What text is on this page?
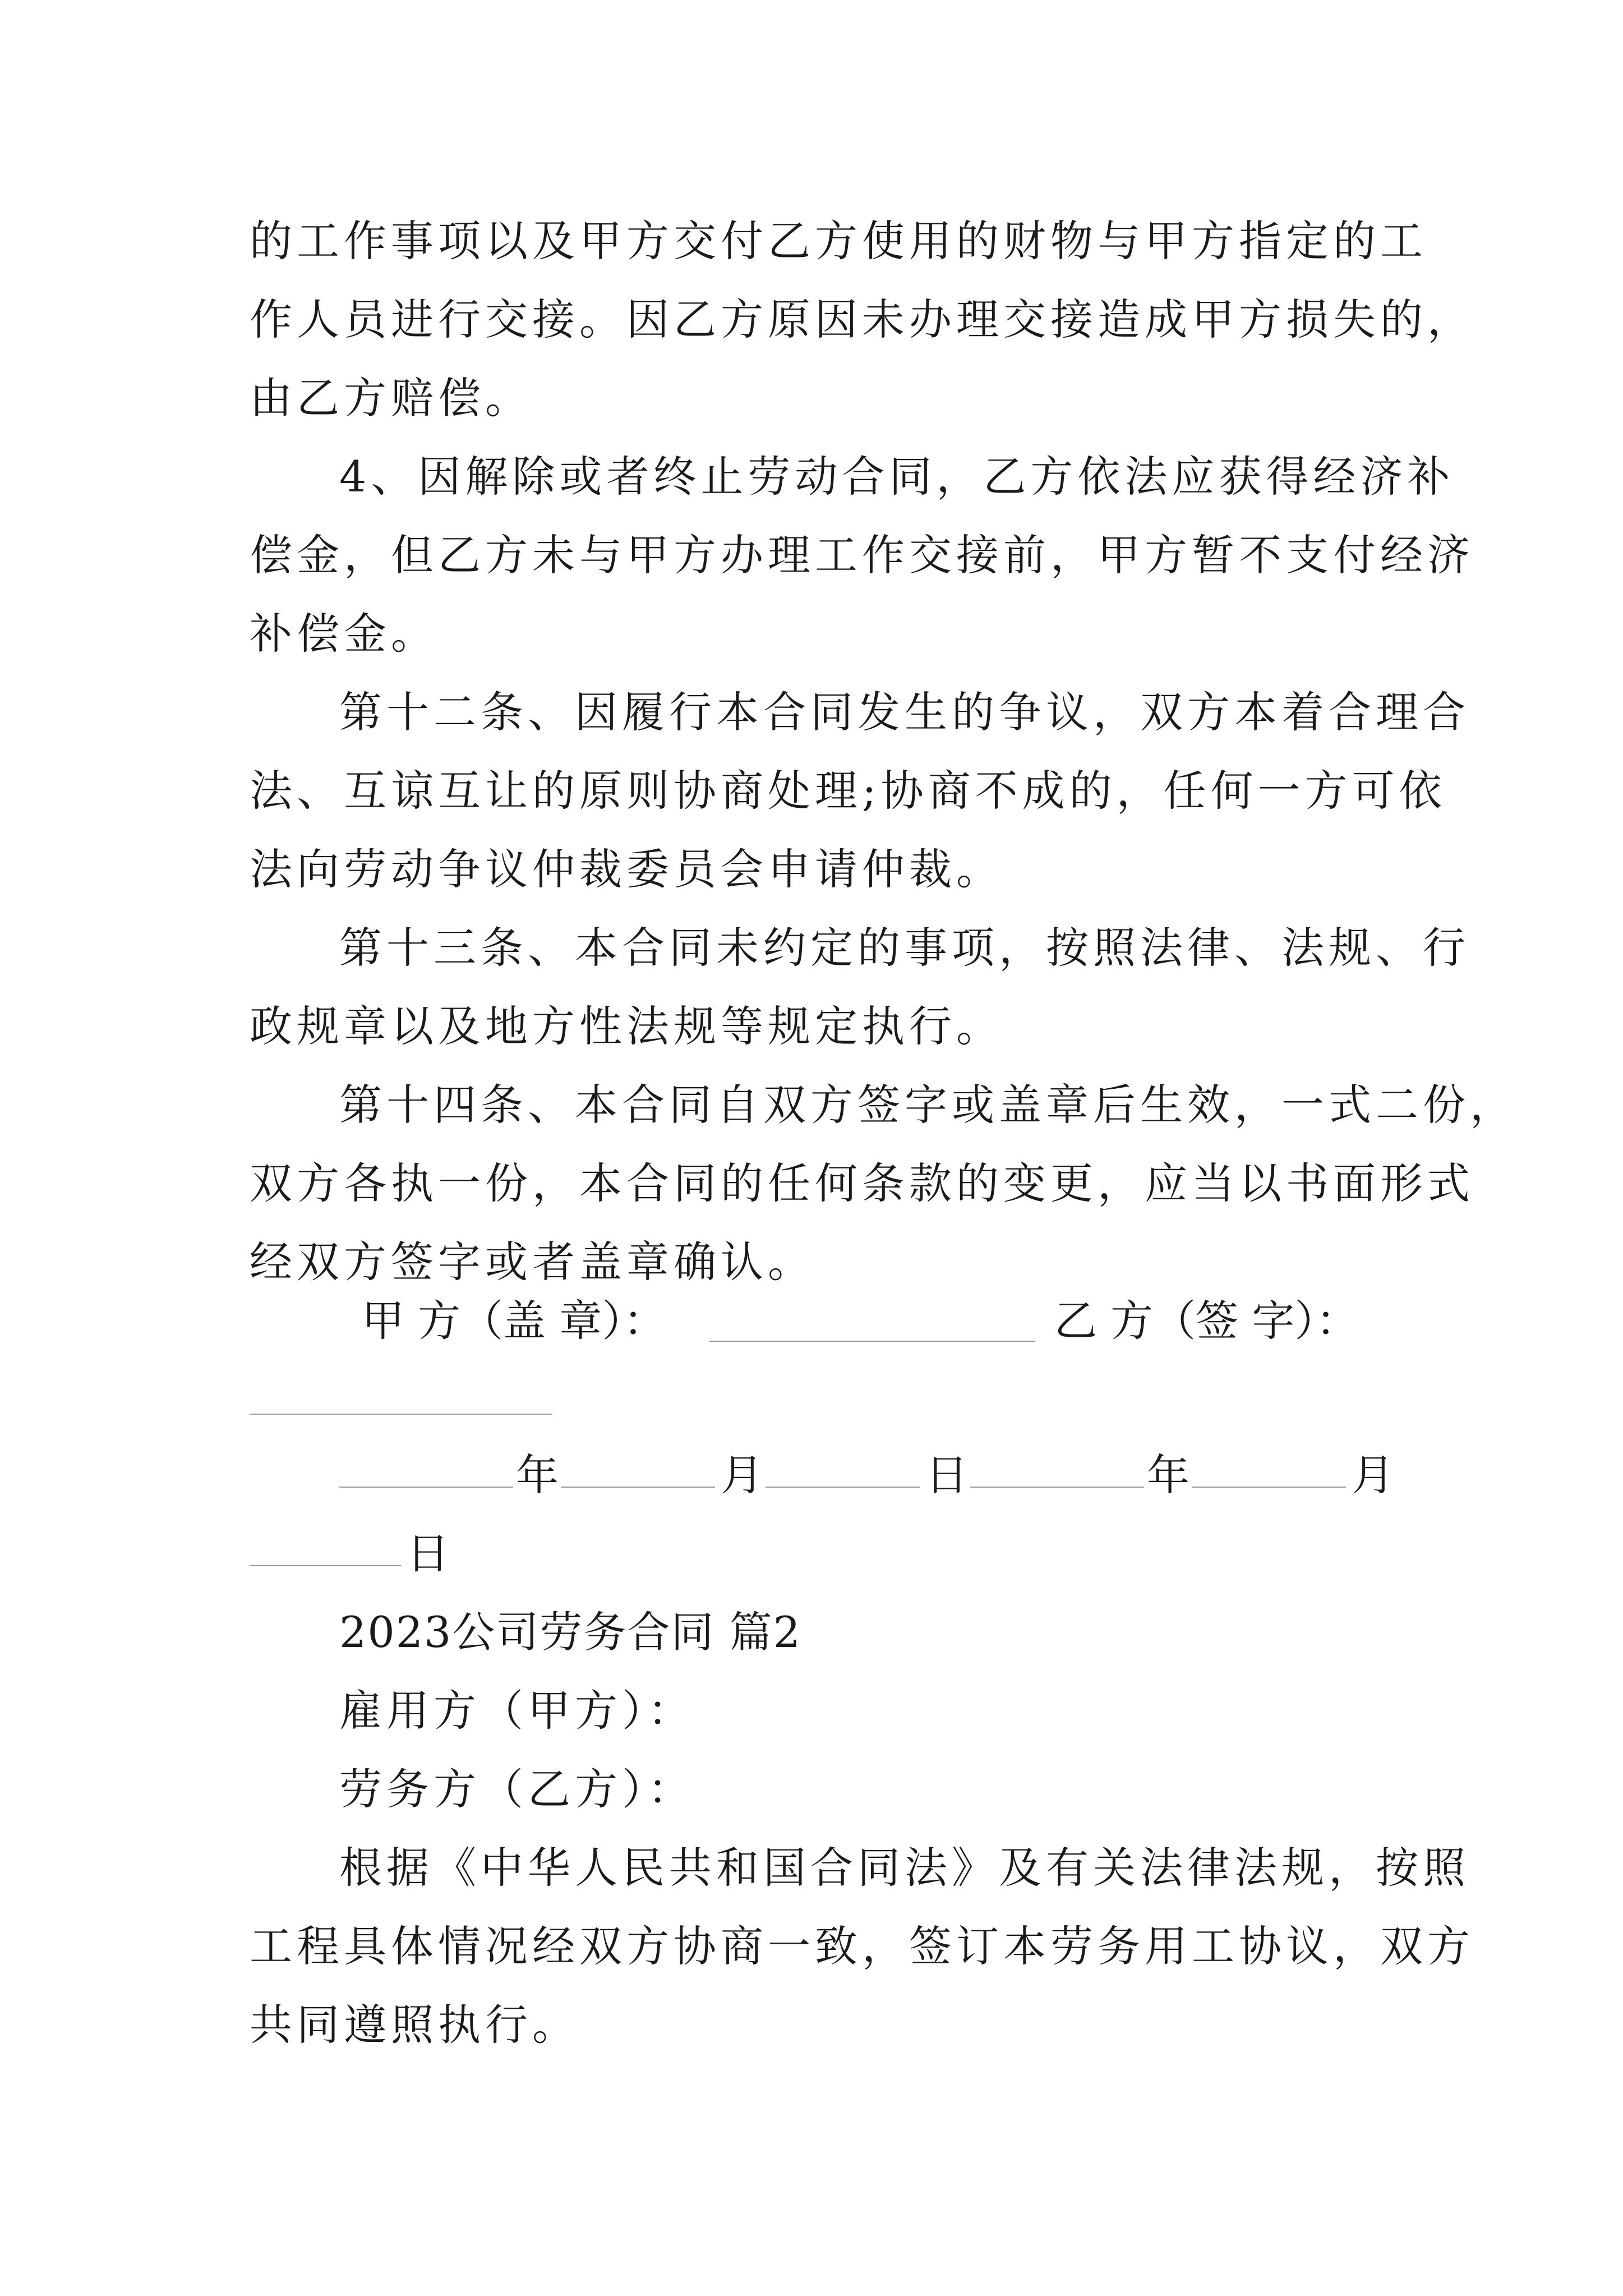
的工作事项以及甲方交付乙方使用的财物与甲方指定的工
作人员进行交接。因乙方原因未办理交接造成甲方损失的，
由乙方赔偿。
4、因解除或者终止劳动合同，乙方依法应获得经济补
偿金，但乙方未与甲方办理工作交接前，甲方暂不支付经济
补偿金。
第十二条、因履行本合同发生的争议，双方本着合理合
法、互谅互让的原则协商处理;协商不成的，任何一方可依
法向劳动争议仲裁委员会申请仲裁。
第十三条、本合同未约定的事项，按照法律、法规、行
政规章以及地方性法规等规定执行。
第十四条、本合同自双方签字或盖章后生效，一式二份，
双方各执一份，本合同的任何条款的变更，应当以书面形式
经双方签字或者盖章确认。
甲 方（盖 章）：	乙 方（签 字）：
年	月	日	年	月
日
2023公司劳务合同 篇2
雇用方（甲方）：
劳务方（乙方）：
根据《中华人民共和国合同法》及有关法律法规，按照
工程具体情况经双方协商一致，签订本劳务用工协议，双方
共同遵照执行。
